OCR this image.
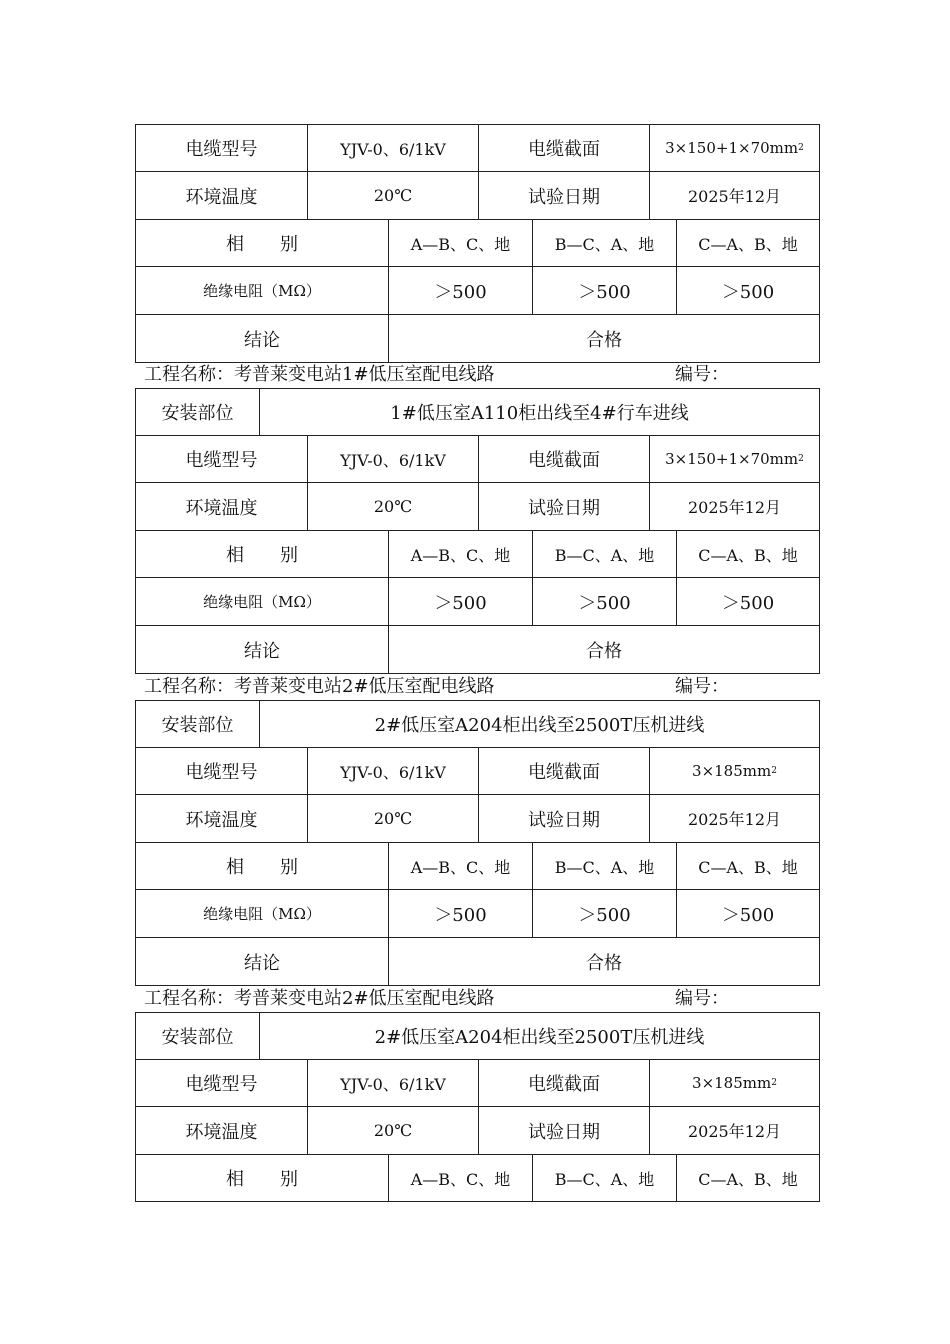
电缆型号	YJV-0、6/1kV	电缆截面	3×150+1×70mm 2
环境温度	20℃	试验日期	2025年12月
相　　别	A—B、C、地	B—C、A、地	C—A、B、地
绝缘电阻（MΩ）	＞500	＞500	＞500
结论	合格
工程名称：考普莱变电站1#低压室配电线路	编号：
安装部位	1#低压室A110柜出线至4#行车进线
电缆型号	YJV-0、6/1kV	电缆截面	3×150+1×70mm 2
环境温度	20℃	试验日期	2025年12月
相　　别	A—B、C、地	B—C、A、地	C—A、B、地
绝缘电阻（MΩ）	＞500	＞500	＞500
结论	合格
工程名称：考普莱变电站2#低压室配电线路	编号：
安装部位	2#低压室A204柜出线至2500T压机进线
电缆型号	YJV-0、6/1kV	电缆截面	3×185mm 2
环境温度	20℃	试验日期	2025年12月
相　　别	A—B、C、地	B—C、A、地	C—A、B、地
绝缘电阻（MΩ）	＞500	＞500	＞500
结论	合格
工程名称：考普莱变电站2#低压室配电线路	编号：
安装部位	2#低压室A204柜出线至2500T压机进线
电缆型号	YJV-0、6/1kV	电缆截面	3×185mm 2
环境温度	20℃	试验日期	2025年12月
相　　别	A—B、C、地	B—C、A、地	C—A、B、地
